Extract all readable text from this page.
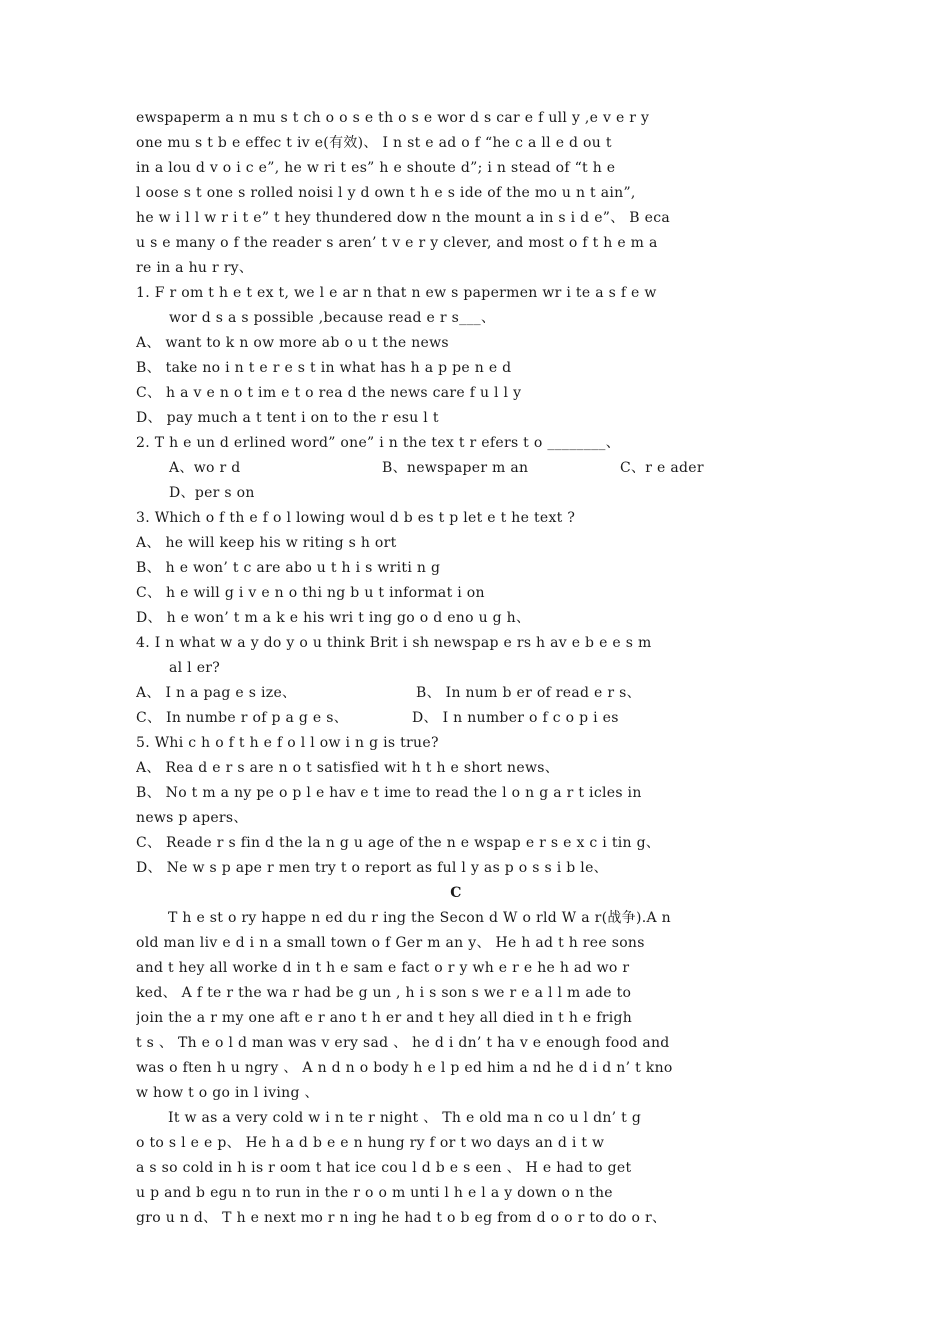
ewspaperm a n mu s t ch o o s e th o s e wor d s car e f ull y ,e v e r y
one mu s t b e effec t iv e(有效)、 I n st e ad o f “he c a ll e d ou t
in a lou d v o i c e”, he w ri t es” h e shoute d”; i n stead of “t h e
l oose s t one s rolled noisi l y d own t h e s ide of the mo u n t ain”,
he w i l l w r i t e” t hey thundered dow n the mount a in s i d e”、 B eca
u s e many o f the reader s aren’ t v e r y clever, and most o f t h e m a
re in a hu r ry、
1. F r om t h e t ex t, we l e ar n that n ew s papermen wr i te a s f e w
wor d s a s possible ,because read e r s___、
A、 want to k n ow more ab o u t the news
B、 take no i n t e r e s t in what has h a p pe n e d
C、 h a v e n o t im e t o rea d the news care f u l l y
D、 pay much a t tent i on to the r esu l t
2. T h e un d erlined word” one” i n the tex t r efers t o ________、
A、wo r d	B、newspaper m an	C、r e ader
D、per s on
3. Which o f th e f o l lowing woul d b es t p let e t he text ?
A、 he will keep his w riting s h ort
B、 h e won’ t c are abo u t h i s writi n g
C、 h e will g i v e n o thi ng b u t informat i on
D、 h e won’ t m a k e his wri t ing go o d eno u g h、
4. I n what w a y do y o u think Brit i sh newspap e rs h av e b e e s m
al l er?
A、 I n a pag e s ize、	B、 In num b er of read e r s、
C、 In numbe r of p a g e s、	D、 I n number o f c o p i es
5. Whi c h o f t h e f o l l ow i n g is true?
A、 Rea d e r s are n o t satisfied wit h t h e short news、
B、 No t m a ny pe o p l e hav e t ime to read the l o n g a r t icles in
news p apers、
C、 Reade r s fin d the la n g u age of the n e wspap e r s e x c i tin g、
D、 Ne w s p ape r men try t o report as ful l y as p o s s i b le、
C
T h e st o ry happe n ed du r ing the Secon d W o rld W a r(战争).A n
old man liv e d i n a small town o f Ger m an y、 He h ad t h ree sons
and t hey all worke d in t h e sam e fact o r y wh e r e he h ad wo r
ked、 A f te r the wa r had be g un , h i s son s we r e a l l m ade to
join the a r my one aft e r ano t h er and t hey all died in t h e frigh
t s 、 Th e o l d man was v ery sad 、 he d i dn’ t ha v e enough food and
was o ften h u ngry 、 A n d n o body h e l p ed him a nd he d i d n’ t kno
w how t o go in l iving 、
It w as a very cold w i n te r night 、 Th e old ma n co u l dn’ t g
o to s l e e p、 He h a d b e e n hung ry f or t wo days an d i t w
a s so cold in h is r oom t hat ice cou l d b e s een 、 H e had to get
u p and b egu n to run in the r o o m unti l h e l a y down o n the
gro u n d、 T h e next mo r n ing he had t o b eg from d o o r to do o r、
